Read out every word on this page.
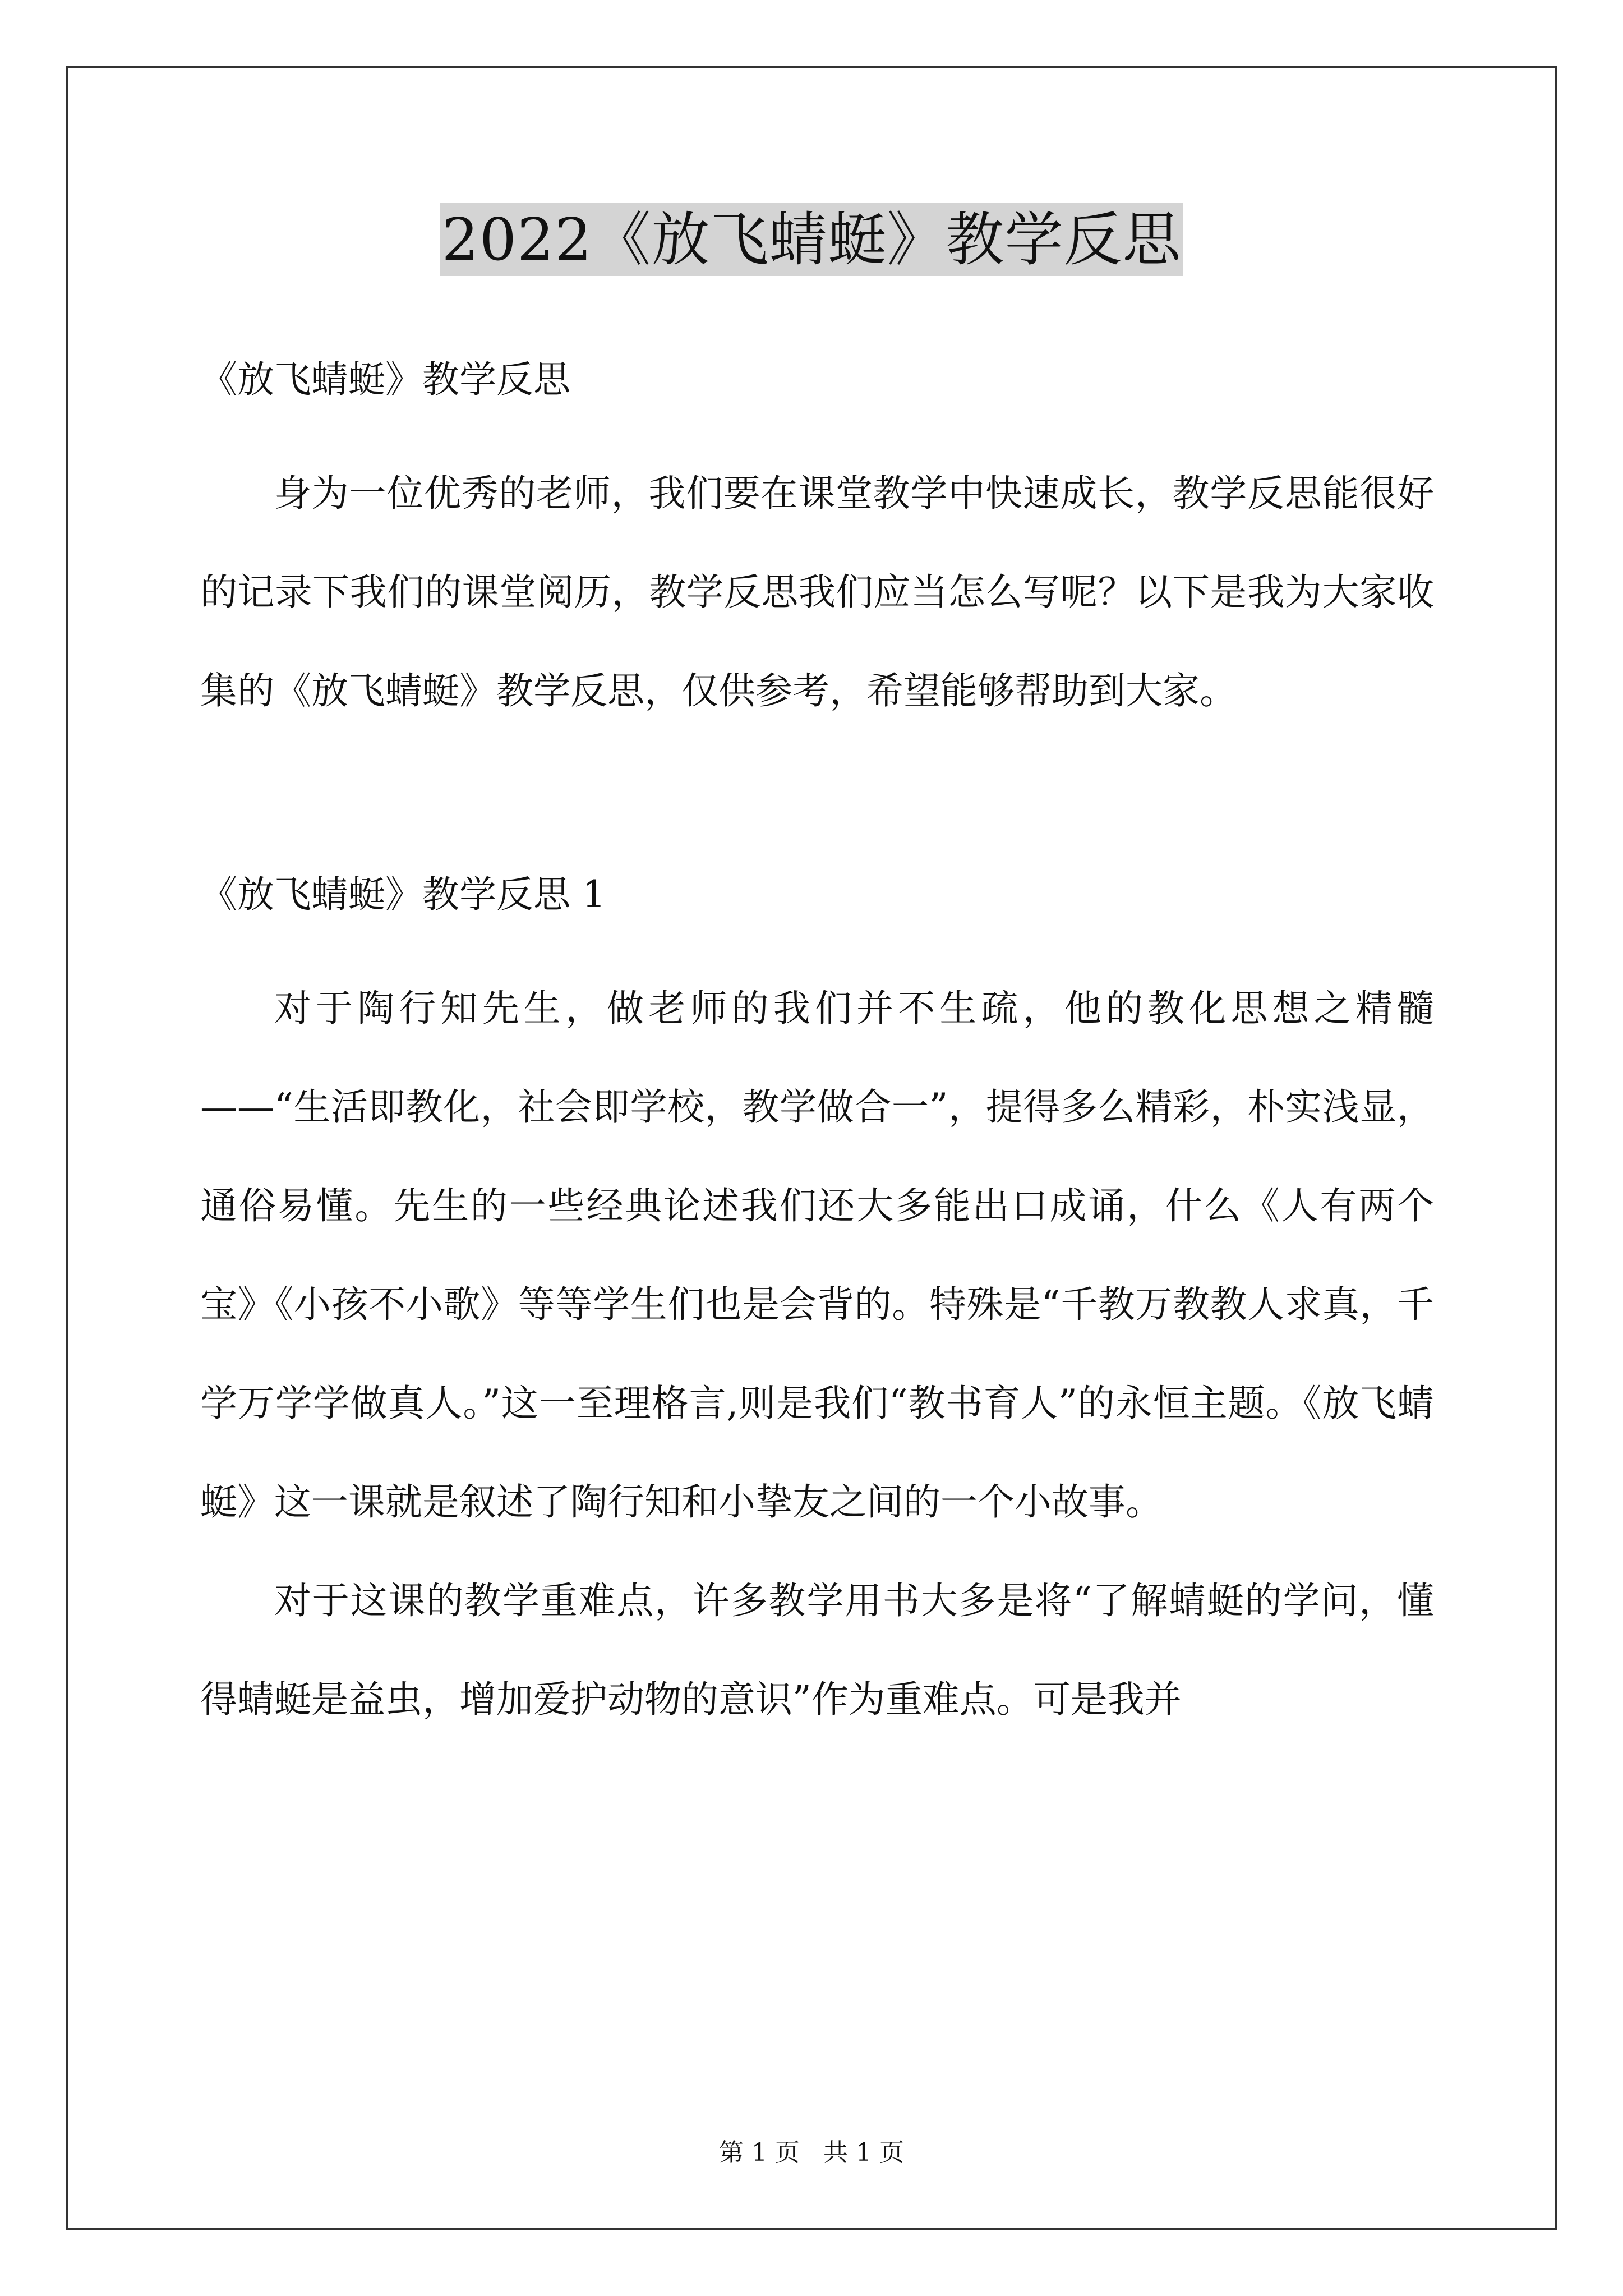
2022《放飞蜻蜓》教学反思

《放飞蜻蜓》教学反思

身为一位优秀的老师，我们要在课堂教学中快速成长，教学反思能很好的记录下我们的课堂阅历，教学反思我们应当怎么写呢？以下是我为大家收集的《放飞蜻蜓》教学反思，仅供参考，希望能够帮助到大家。

《放飞蜻蜓》教学反思 1

对于陶行知先生，做老师的我们并不生疏，他的教化思想之精髓——“生活即教化，社会即学校，教学做合一”，提得多么精彩，朴实浅显，通俗易懂。先生的一些经典论述我们还大多能出口成诵，什么《人有两个宝》《小孩不小歌》等等学生们也是会背的。特殊是“千教万教教人求真，千学万学学做真人。”这一至理格言,则是我们“教书育人”的永恒主题。《放飞蜻蜓》这一课就是叙述了陶行知和小挚友之间的一个小故事。

对于这课的教学重难点，许多教学用书大多是将“了解蜻蜓的学问，懂得蜻蜓是益虫，增加爱护动物的意识”作为重难点。可是我并

第 1 页   共 1 页
